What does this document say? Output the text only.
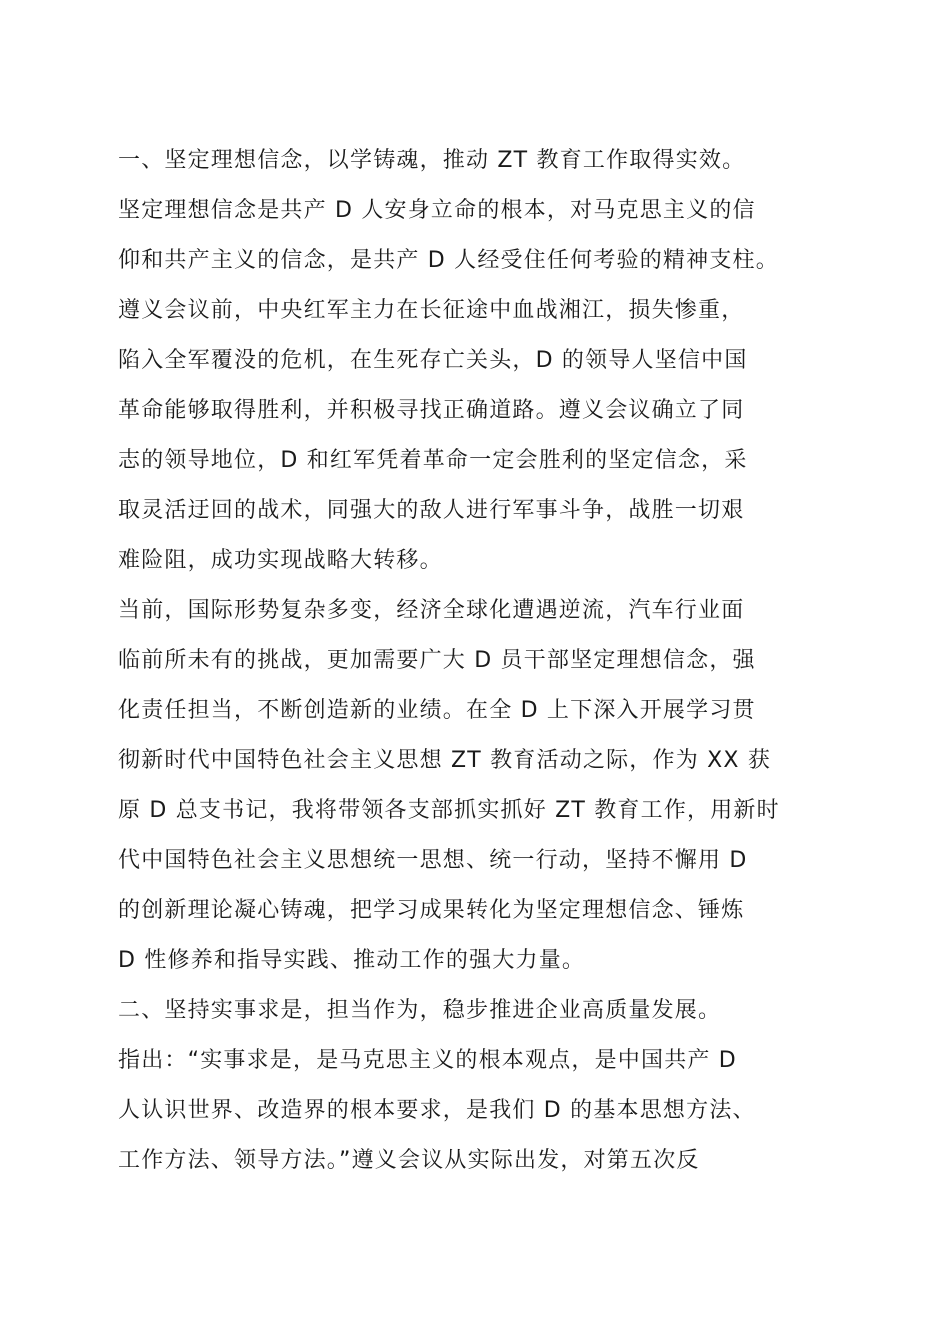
一、坚定理想信念，以学铸魂，推动 ZT 教育工作取得实效。
坚定理想信念是共产 D 人安身立命的根本，对马克思主义的信
仰和共产主义的信念，是共产 D 人经受住任何考验的精神支柱。
遵义会议前，中央红军主力在长征途中血战湘江，损失惨重，
陷入全军覆没的危机，在生死存亡关头，D 的领导人坚信中国
革命能够取得胜利，并积极寻找正确道路。遵义会议确立了同
志的领导地位，D 和红军凭着革命一定会胜利的坚定信念，采
取灵活迂回的战术，同强大的敌人进行军事斗争，战胜一切艰
难险阻，成功实现战略大转移。
当前，国际形势复杂多变，经济全球化遭遇逆流，汽车行业面
临前所未有的挑战，更加需要广大 D 员干部坚定理想信念，强
化责任担当，不断创造新的业绩。在全 D 上下深入开展学习贯
彻新时代中国特色社会主义思想 ZT 教育活动之际，作为 XX 获
原 D 总支书记，我将带领各支部抓实抓好 ZT 教育工作，用新时
代中国特色社会主义思想统一思想、统一行动，坚持不懈用 D
的创新理论凝心铸魂，把学习成果转化为坚定理想信念、锤炼
D 性修养和指导实践、推动工作的强大力量。
二、坚持实事求是，担当作为，稳步推进企业高质量发展。
指出：“实事求是，是马克思主义的根本观点，是中国共产 D
人认识世界、改造界的根本要求，是我们 D 的基本思想方法、
工作方法、领导方法。”遵义会议从实际出发，对第五次反
